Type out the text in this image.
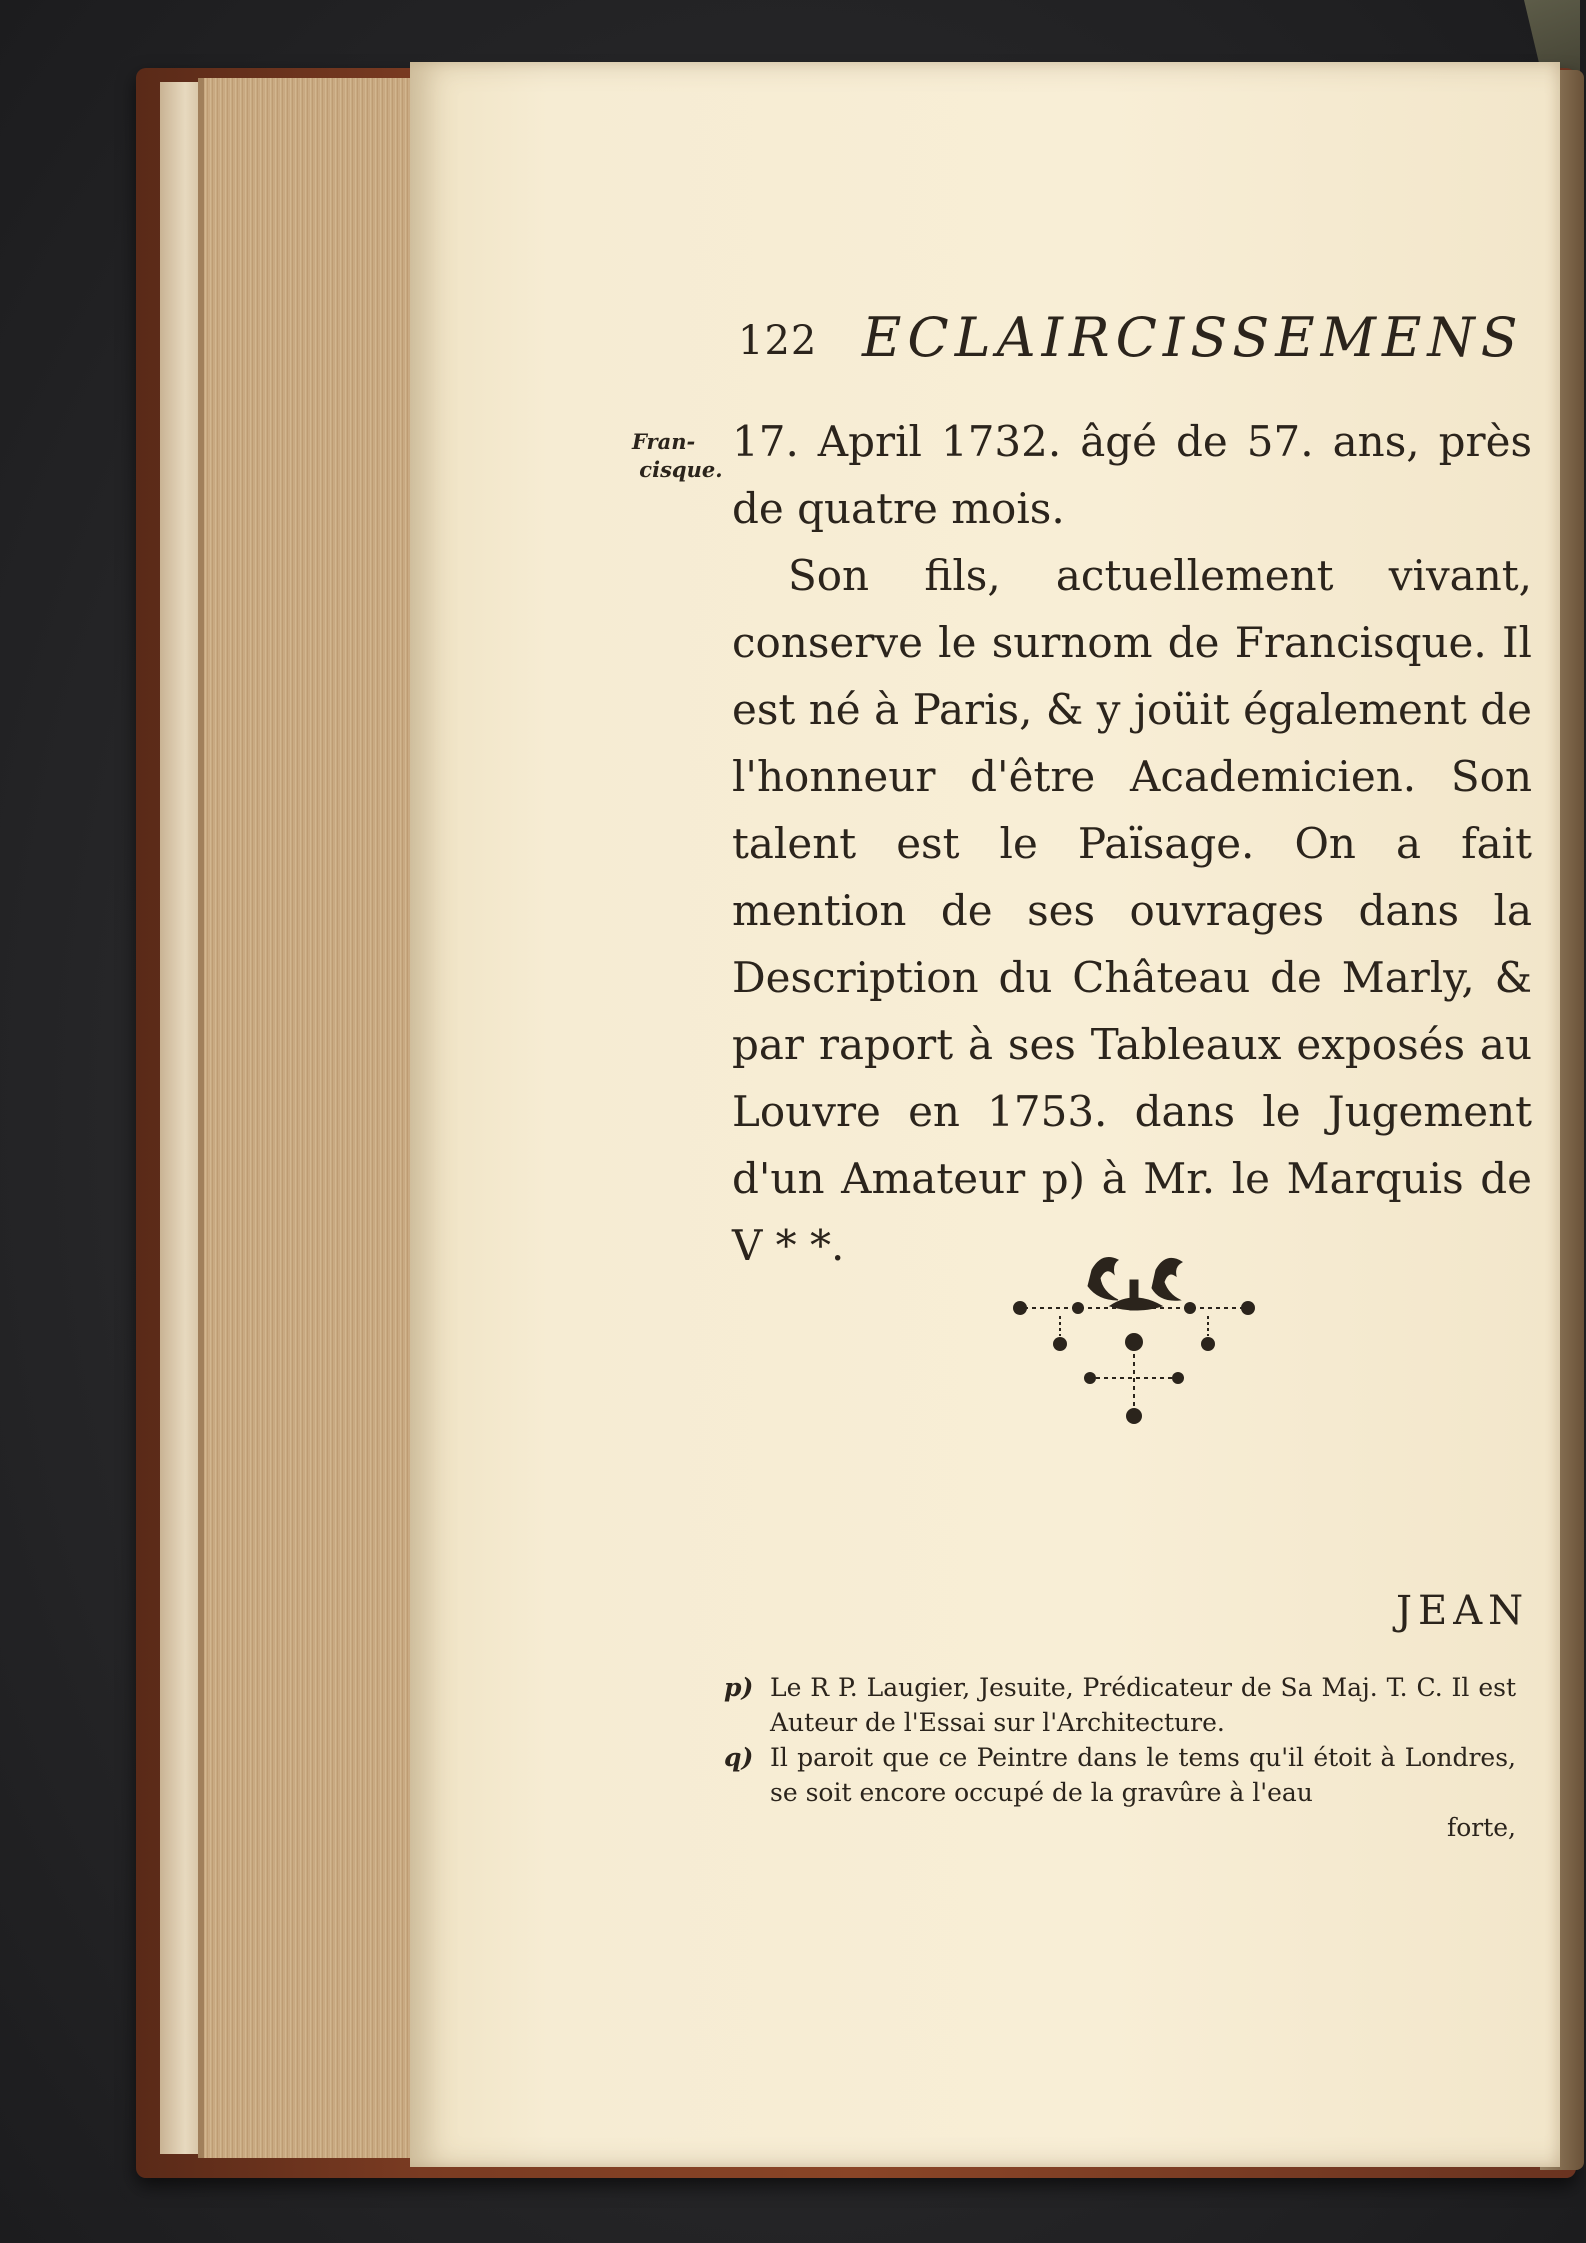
122 ECLAIRCISSEMENS
Fran- cisque.

17. April 1732. âgé de 57. ans, près de quatre mois.

Son fils, actuellement vivant, conserve le surnom de Francisque. Il est né à Paris, & y joüit également de l'honneur d'être Academicien. Son talent est le Païsage. On a fait mention de ses ouvrages dans la Description du Château de Marly, & par raport à ses Tableaux exposés au Louvre en 1753. dans le Jugement d'un Amateur p) à Mr. le Marquis de V * *.

JEAN
p) Le R P. Laugier, Jesuite, Prédicateur de Sa Maj. T. C. Il est Auteur de l'Essai sur l'Architecture.
q) Il paroit que ce Peintre dans le tems qu'il étoit à Londres, se soit encore occupé de la gravûre à l'eau
forte,
